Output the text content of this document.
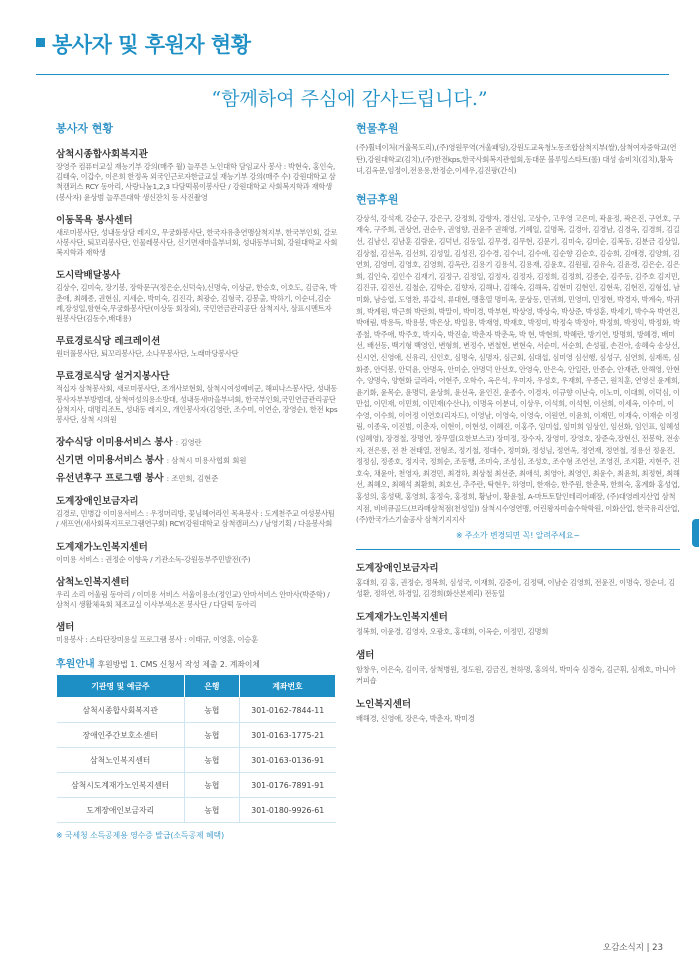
봉사자 및 후원자 현황
“함께하여 주심에 감사드립니다.”
봉사자 현황
삼척시종합사회복지관
장영주 컴퓨터교실 재능기부 강의(매주 월) 늘푸른 노인대학 담임교사 봉사 : 박현숙, 홍인숙, 김태숙, 이갑수, 이은희 한정옥 외국인근로자한글교실 재능기부 강의(매주 수) 강원대학교 삼척캠퍼스 RCY 동아리, 사랑나눔1,2,3 다담떡볶이봉사단 / 강원대학교 사회복지학과 재학생(봉사자) 윤상범 늘푸른대학 생신잔치 등 사진촬영
이동목욕 봉사센터
새로미봉사단, 성내동상담 레지오, 무궁화봉사단, 한국자유총연맹삼척지부, 한국부인회, 갈로사봉사단, 퇴꼬리봉사단, 인물레봉사단, 신기면새마을부녀회, 성내동부녀회, 강원대학교 사회복지학과 재학생
도시락배달봉사
김상수, 김미숙, 장기봉, 장학문구(정은순,신덕숙),신명숙, 이상균, 한승호, 이호도, 김금옥, 박춘애, 최혜종, 권현심, 지세순, 박미숙, 김진각, 최광순, 김형국, 김봉출, 박하기, 이순녀,김순례,장성일,함현숙,무궁화봉사단(이상동 회장외), 국민연금관리공단 삼척지사, 삼표시멘트자원봉사단(김동수,배대용)
무료경로식당 레크레이션
원더풀봉사단, 퇴꼬리봉사단, 소나무봉사단, 노래마당봉사단
무료경로식당 설거지봉사단
적십자 삼척봉사회, 새로미봉사단, 조개사보현회, 삼척시여성예비군, 해피나스봉사단, 성내동봉사자부부방범대, 삼척여성의용소방대, 성내동새마을부녀회, 한국부인회,국민연금관리공단 삼척지사, 대명리조트, 성내동 레지오, 개인봉사자(김영란, 조수미, 이연순, 장영순), 한전 kps봉사단, 삼척 시의원
장수식당 이미용서비스 봉사 : 김영란
신기면 이미용서비스 봉사 : 삼척시 미용사협회 회원
유선년후구 프로그램 봉사 : 조민희, 김현준
도계장애인보금자리
김경로, 민병갑 이미용서비스 : 우정머리방, 꽃님헤어라인 목욕봉사 : 도계천주교 여성봉사팀 / 새프연(새사회복지프로그램연구회) RCY(강원대학교 삼척캠퍼스) / 남영기획 / 다음봉사회
도계재가노인복지센터
이미용 서비스 : 권정순 이향옥 / 기관소독-강원동부주민발전(주)
삼척노인복지센터
우리 소리 어울림 동아리 / 이미용 서비스 서울이용소(정인교) 안마서비스 안마사(박준학) / 삼척시 생활체육회 체조교실 이사부색소폰 봉사단 / 다담떡 동아리
샘터
미용봉사 : 스타단장미용실 프로그램 봉사 : 이태규, 이영훈, 이승훈
후원안내 후원방법 1. CMS 신청서 작성 제출 2. 계좌이체
기관명 및 예금주	은행	계좌번호
삼척시종합사회복지관	농협	301-0162-7844-11
장애인주간보호소센터	농협	301-0163-1775-21
삼척노인복지센터	농협	301-0163-0136-91
삼척시도계재가노인복지센터	농협	301-0176-7891-91
도계장애인보금자리	농협	301-0180-9926-61
※ 국세청 소득공제용 영수증 발급(소득공제 혜택)
현물후원
(주)휠네이처(겨울목도리),(주)영원무역(겨울패딩),강원도교육청노동조합삼척지부(쌀),삼척여자중학교(연탄),강원대학교(김치),(주)한전kps,한국사회복지관협회,동대문 블루밍스타트(롤) 대성 솔비치(김치),황옥녀,김옥문,임정이,전용용,한정순,이세우,김진팡(간식)
현금후원
강상석, 강석재, 강순구, 강은구, 강정희, 강향자, 경신임, 고상수, 고우영 고은미, 곽윤정, 곽은진, 구연호, 구재숙, 구주희, 권상연, 권순우, 권영향, 권윤주 권해영, 기혜일, 길명복, 길경아, 김경남, 김경옥, 김경희, 김길선, 김남신, 김남훈 김람운, 김덕년, 김동일, 김무경, 김무현, 김문기, 김미숙, 김미순, 김복동, 김분금 김상일, 김상철, 김선옥, 김선희, 김성일, 김성진, 김수경, 김수녀, 김수애, 김순향 김순호, 김승희, 김애경, 김양희, 김연희, 김영미, 김영호, 김영희, 김옥란, 김용기 김용석, 김용재, 김윤호, 김원필, 김유숙, 김윤경, 김은순, 김은희, 김인숙, 김인수 김재기, 김정구, 김정일, 김정자, 김정자, 김정희, 김정희, 김종순, 김주동, 김주호 김지민, 김진규, 김진선, 김철순, 김학순, 김향자, 김해나, 김해숙, 김해옥, 김현미 김현인, 김현욱, 김현진, 김형섭, 남미화, 남승엽, 도영찬, 류갑석, 류대현, 맹흥열 명미옥, 문상동, 민귀희, 민영미, 민정현, 박경자, 박계숙, 박귀희, 박계원, 박근희 박란희, 박말이, 박미경, 박부현, 박상영, 박상숙, 박상준, 박성훈, 박세기, 박수옥 박연진, 박애림, 박용득, 박용봉, 박은상, 박일용, 박재영, 박재호, 박정미, 박정숙 박정아, 박정희, 박정익, 박정화, 박종철, 박주애, 박주호, 박지숙, 박진술, 박춘자 박춘옥, 박 현, 박현희, 박혜란, 방기연, 방명희, 방혜경, 배미선, 배선동, 백기형 백영인, 변형희, 변정수, 변철현, 변현숙, 서순미, 서순희, 손성필, 손진아, 송혜숙 송상선, 신시연, 신영애, 신유리, 신인호, 심명숙, 심명자, 심근회, 심대섭, 심미영 심선행, 심성구, 심연희, 심재록, 심화종, 안덕봉, 안덕윤, 안명옥, 안미순, 안명덕 안선호, 안영숙, 안은숙, 안일란, 안종순, 안재관, 안해영, 안현수, 양명숙, 양현화 글라라, 어현주, 오학수, 옥은석, 우미자, 우성호, 우재희, 우종근, 원치훈, 연영신 윤계희, 윤기화, 윤목순, 윤명덕, 윤상희, 윤선옥, 윤인진, 윤종수, 이경자, 이규향 이난숙, 이노미, 이대희, 이덕심, 이만섭, 이민재, 이민희, 이민재(수산나), 이명옥 이분녀, 이상우, 이석희, 이석현, 이선희, 이세옥, 이수미, 이수영, 이수희, 이어정 이연호(리자드), 이영남, 이영숙, 이영숙, 이원연, 이윤희, 이재민, 이재숙, 이재순 이정림, 이종욱, 이진범, 이춘자, 이현이, 이현성, 이혜진, 이홍주, 임미섭, 임미희 임상인, 임선화, 임인표, 임혜성(임혜영), 장경철, 장명연, 장무열(요한보스코) 장미정, 장수자, 장영미, 장영호, 장준숙,장현신, 전봉학, 전송자, 전은롱, 전 찬 전태열, 전형조, 정기철, 정대수, 정미화, 정성님, 정연옥, 정연재, 정연철, 정용선 정윤진, 정정심, 정종호, 정지국, 정희순, 조동행, 조미숙, 조성심, 조성호, 조수형 조연선, 조영진, 조지환, 지현주, 진호숙, 채윤아, 천영자, 최경민, 최경하, 최상철 최선준, 최애석, 최영아, 최영인, 최윤수, 최윤희, 최정현, 최해선, 최혜오, 최혜석 최환희, 최호선, 추주란, 탁현우, 하영미, 한재승, 한주원, 한춘복, 한희숙, 홍계화 홍성엽, 홍성의, 홍성택, 홍영희, 홍정숙, 홍정희, 황남이, 황윤철, A-마트토탈인테리어패장, (주)대영레지산업 삼척지점, 비비큐골드(브라매삼척점(천성일)) 삼척시수영연맹, 어린왕자미술수학학원, 이화산업, 한국유리산업, (주)한국가스기술공사 삼척기지지사
※ 주소가 변경되면 꼭! 알려주세요~
도계장애인보금자리
홍대희, 김 홍, 권정순, 정복희, 심성국, 이재희, 김증이, 김정택, 이남순 김영희, 전윤진, 이명숙, 정순녀, 김성환, 정하연, 하경일, 김경희(화산본제리) 전동일
도계재가노인복지센터
정복희, 이윤경, 김영자, 오광호, 홍대희, 이옥순, 이정민, 김명희
샘터
함창우, 이은숙, 김이국, 삼척병원, 정도원, 김금진, 천하명, 홍의석, 박미숙 심경숙, 김근휘, 심재호, 마니아커피숍
노인복지센터
배해경, 신영애, 장은숙, 박춘자, 박미경
오감소식지 | 23
